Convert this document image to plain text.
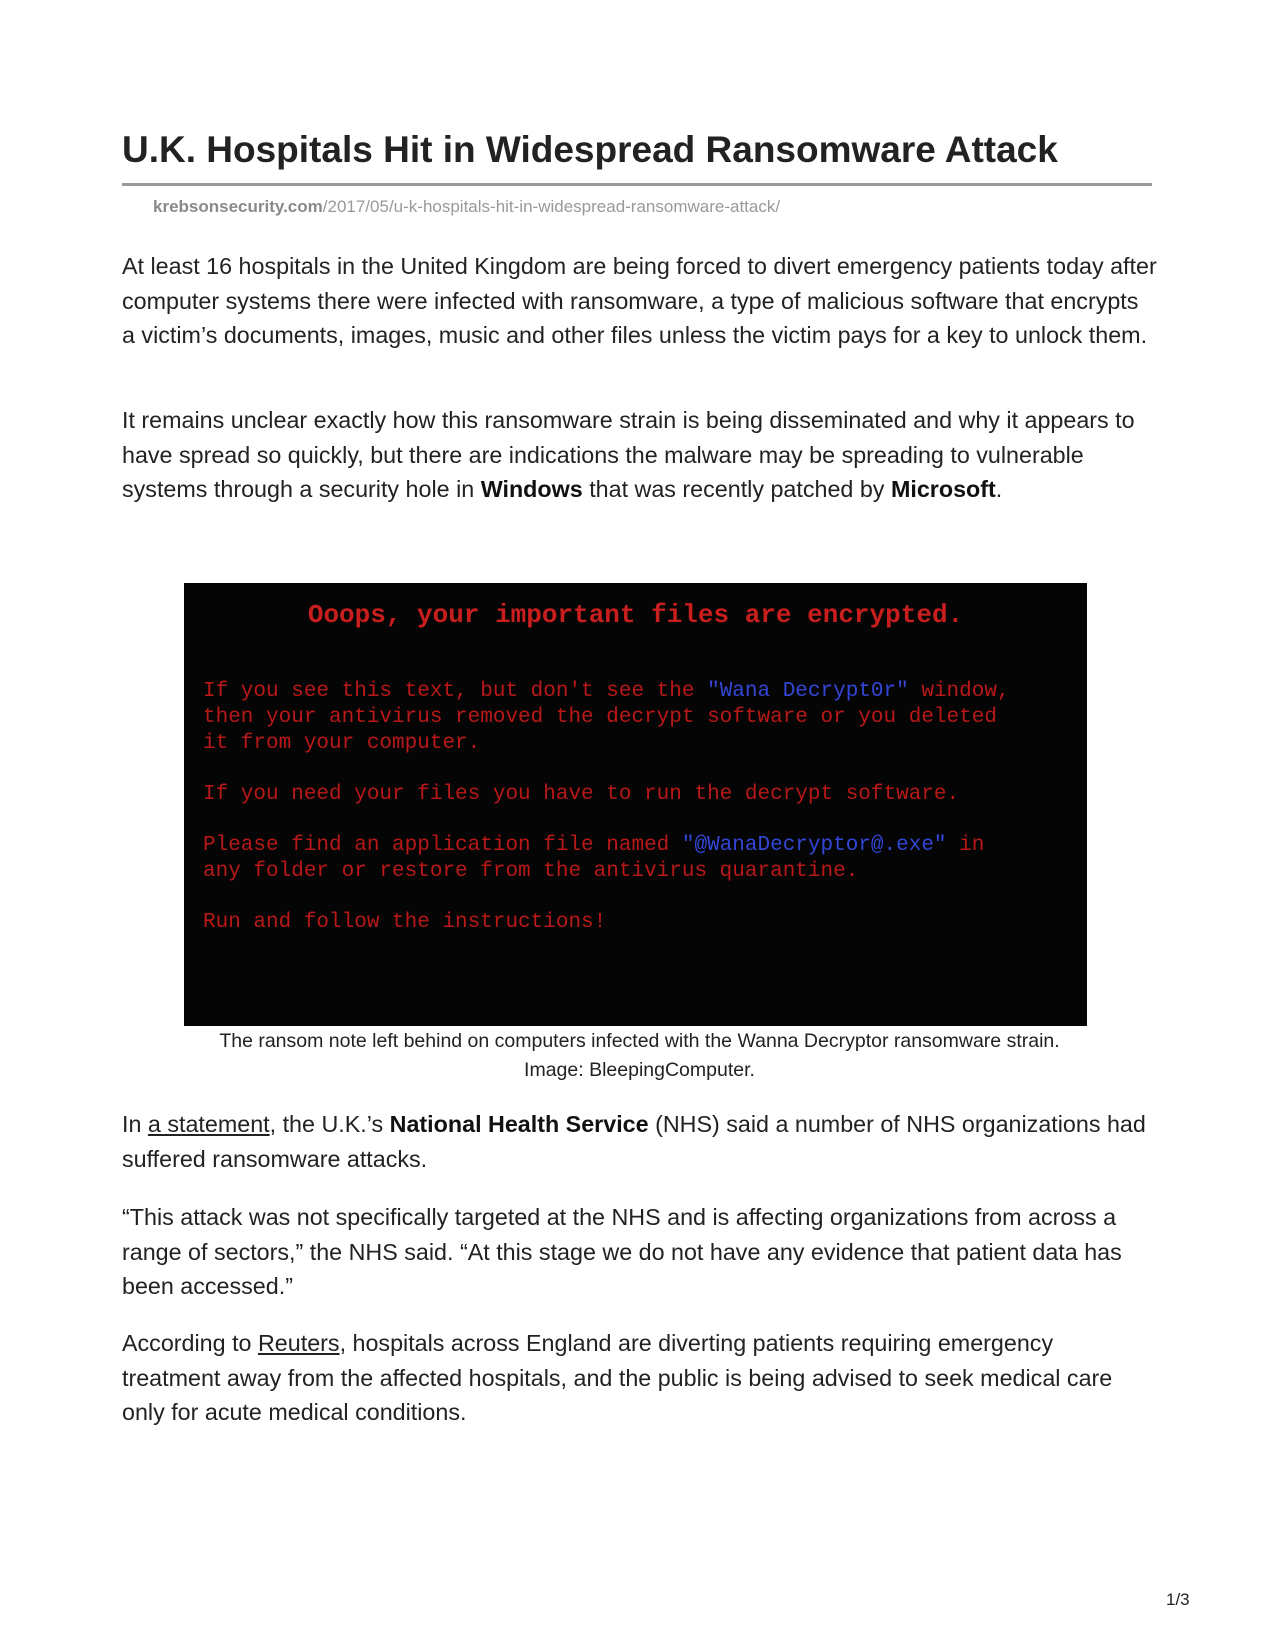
U.K. Hospitals Hit in Widespread Ransomware Attack
krebsonsecurity.com/2017/05/u-k-hospitals-hit-in-widespread-ransomware-attack/

At least 16 hospitals in the United Kingdom are being forced to divert emergency patients today after computer systems there were infected with ransomware, a type of malicious software that encrypts a victim’s documents, images, music and other files unless the victim pays for a key to unlock them.

It remains unclear exactly how this ransomware strain is being disseminated and why it appears to have spread so quickly, but there are indications the malware may be spreading to vulnerable systems through a security hole in Windows that was recently patched by Microsoft.

Ooops, your important files are encrypted.
If you see this text, but don't see the "Wana Decrypt0r" window,
then your antivirus removed the decrypt software or you deleted
it from your computer.
If you need your files you have to run the decrypt software.
Please find an application file named "@WanaDecryptor@.exe" in
any folder or restore from the antivirus quarantine.
Run and follow the instructions!

The ransom note left behind on computers infected with the Wanna Decryptor ransomware strain.
Image: BleepingComputer.

In a statement, the U.K.’s National Health Service (NHS) said a number of NHS organizations had suffered ransomware attacks.

“This attack was not specifically targeted at the NHS and is affecting organizations from across a range of sectors,” the NHS said. “At this stage we do not have any evidence that patient data has been accessed.”

According to Reuters, hospitals across England are diverting patients requiring emergency treatment away from the affected hospitals, and the public is being advised to seek medical care only for acute medical conditions.

1/3
